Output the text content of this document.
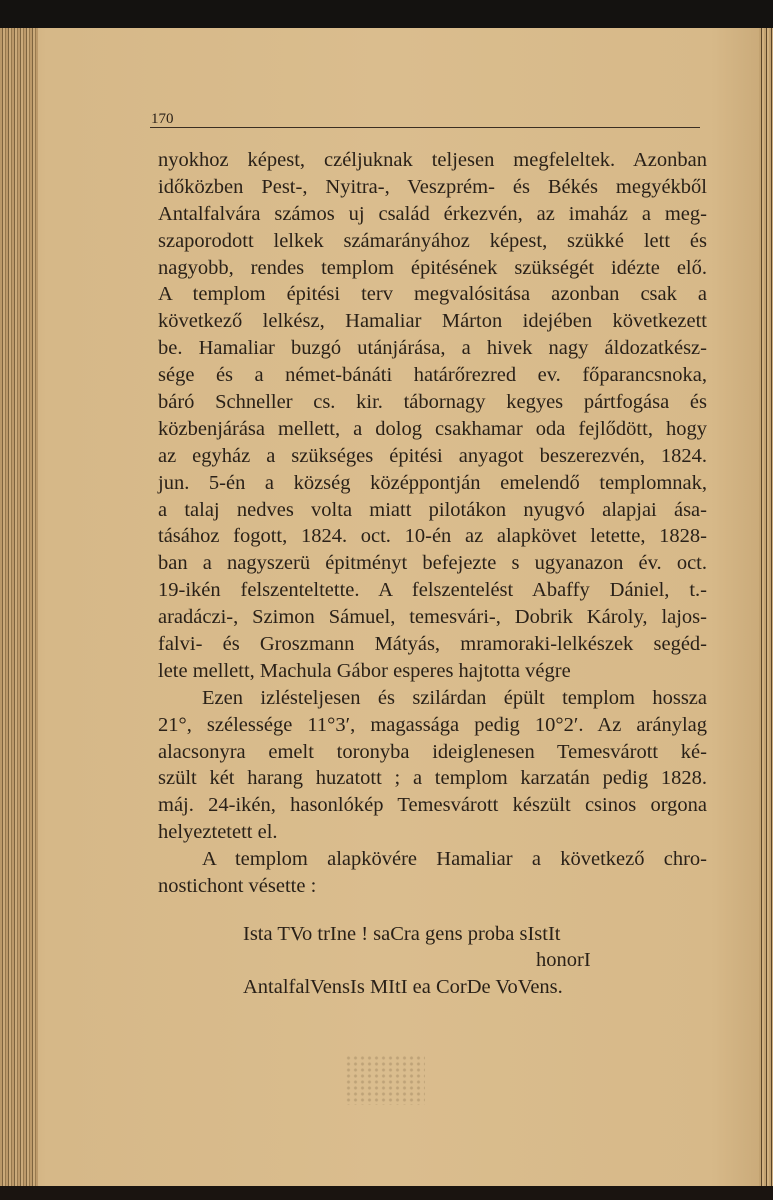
170
nyokhoz képest, czéljuknak teljesen megfeleltek. Azonban
időközben Pest-, Nyitra-, Veszprém- és Békés megyékből
Antalfalvára számos uj család érkezvén, az imaház a meg-
szaporodott lelkek számarányához képest, szükké lett és
nagyobb, rendes templom épitésének szükségét idézte elő.
A templom épitési terv megvalósitása azonban csak a
következő lelkész, Hamaliar Márton idejében következett
be. Hamaliar buzgó utánjárása, a hivek nagy áldozatkész-
sége és a német-bánáti határőrezred ev. főparancsnoka,
báró Schneller cs. kir. tábornagy kegyes pártfogása és
közbenjárása mellett, a dolog csakhamar oda fejlődött, hogy
az egyház a szükséges épitési anyagot beszerezvén, 1824.
jun. 5-én a község középpontján emelendő templomnak,
a talaj nedves volta miatt pilotákon nyugvó alapjai ása-
tásához fogott, 1824. oct. 10-én az alapkövet letette, 1828-
ban a nagyszerü épitményt befejezte s ugyanazon év. oct.
19-ikén felszenteltette. A felszentelést Abaffy Dániel, t.-
aradáczi-, Szimon Sámuel, temesvári-, Dobrik Károly, lajos-
falvi- és Groszmann Mátyás, mramoraki-lelkészek segéd-
lete mellett, Machula Gábor esperes hajtotta végre
Ezen izlésteljesen és szilárdan épült templom hossza
21°, szélessége 11°3′, magassága pedig 10°2′. Az aránylag
alacsonyra emelt toronyba ideiglenesen Temesvárott ké-
szült két harang huzatott ; a templom karzatán pedig 1828.
máj. 24-ikén, hasonlókép Temesvárott készült csinos orgona
helyeztetett el.
A templom alapkövére Hamaliar a következő chro-
nostichont vésette :
Ista TVo trIne ! saCra gens proba sIstIt
honorI
AntalfalVensIs MItI ea CorDe VoVens.
